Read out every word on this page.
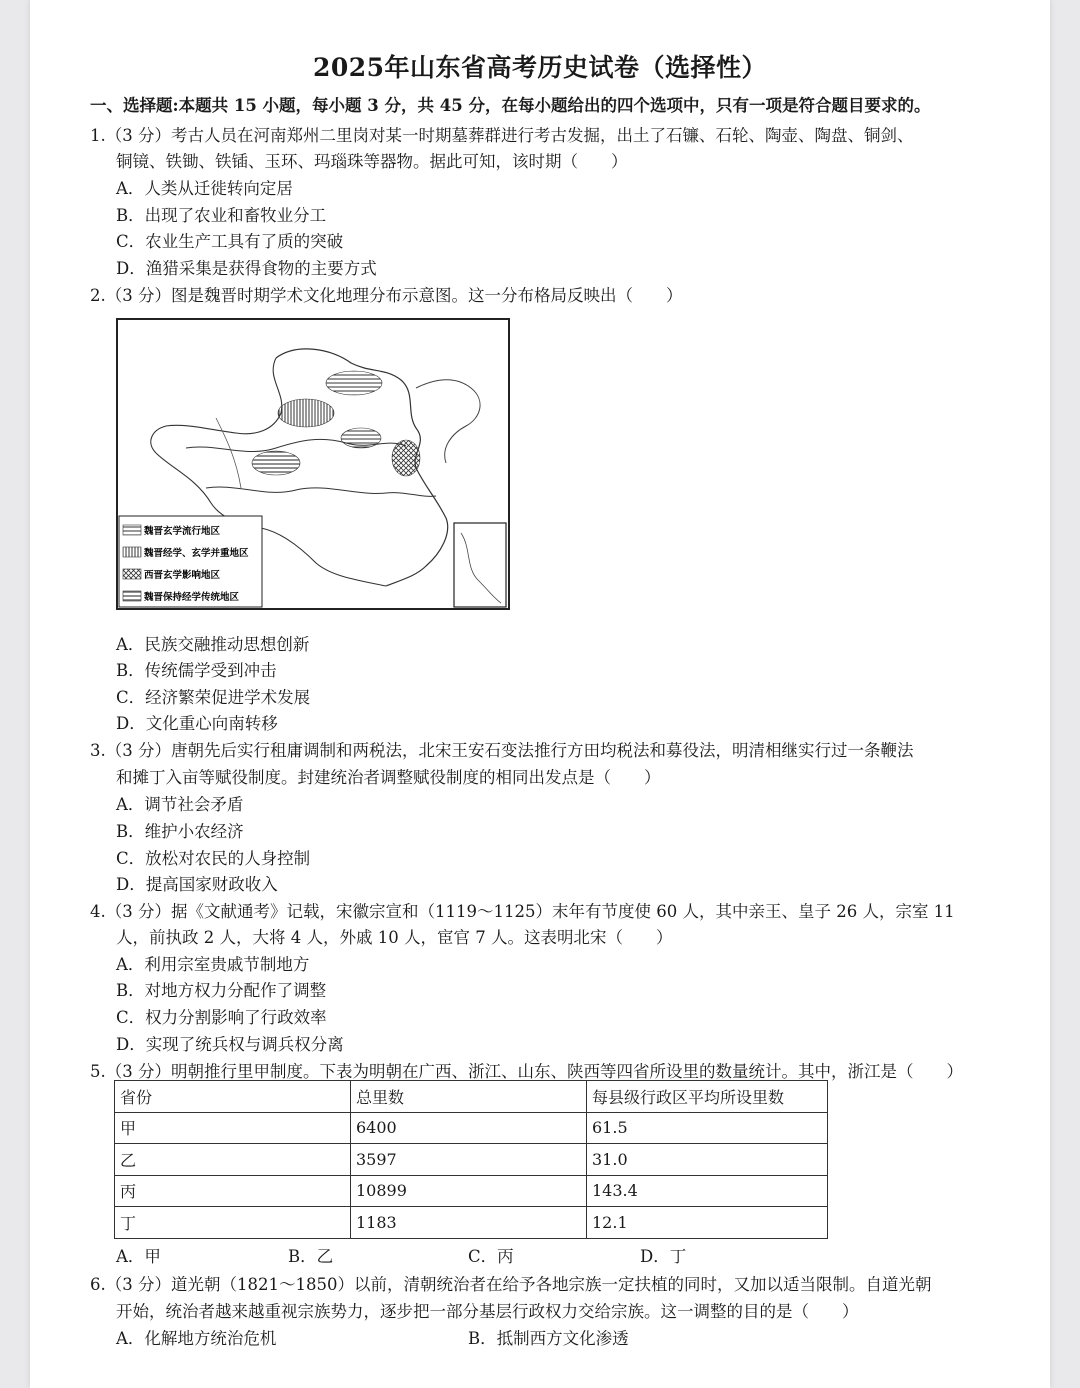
2025年山东省高考历史试卷（选择性）
一、选择题:本题共 15 小题，每小题 3 分，共 45 分，在每小题给出的四个选项中，只有一项是符合题目要求的。
1.（3 分）考古人员在河南郑州二里岗对某一时期墓葬群进行考古发掘，出土了石镰、石轮、陶壶、陶盘、铜剑、
铜镜、铁锄、铁锸、玉环、玛瑙珠等器物。据此可知，该时期（　　）
A．人类从迁徙转向定居
B．出现了农业和畜牧业分工
C．农业生产工具有了质的突破
D．渔猎采集是获得食物的主要方式
2.（3 分）图是魏晋时期学术文化地理分布示意图。这一分布格局反映出（　　）
魏晋玄学流行地区
魏晋经学、玄学并重地区
西晋玄学影响地区
魏晋保持经学传统地区
A．民族交融推动思想创新
B．传统儒学受到冲击
C．经济繁荣促进学术发展
D．文化重心向南转移
3.（3 分）唐朝先后实行租庸调制和两税法，北宋王安石变法推行方田均税法和募役法，明清相继实行过一条鞭法
和摊丁入亩等赋役制度。封建统治者调整赋役制度的相同出发点是（　　）
A．调节社会矛盾
B．维护小农经济
C．放松对农民的人身控制
D．提高国家财政收入
4.（3 分）据《文献通考》记载，宋徽宗宣和（1119～1125）末年有节度使 60 人，其中亲王、皇子 26 人，宗室 11
人，前执政 2 人，大将 4 人，外戚 10 人，宦官 7 人。这表明北宋（　　）
A．利用宗室贵戚节制地方
B．对地方权力分配作了调整
C．权力分割影响了行政效率
D．实现了统兵权与调兵权分离
5.（3 分）明朝推行里甲制度。下表为明朝在广西、浙江、山东、陕西等四省所设里的数量统计。其中，浙江是（　　）
省份	总里数	每县级行政区平均所设里数
甲	6400	61.5
乙	3597	31.0
丙	10899	143.4
丁	1183	12.1
A．甲	B．乙	C．丙	D．丁
6.（3 分）道光朝（1821～1850）以前，清朝统治者在给予各地宗族一定扶植的同时，又加以适当限制。自道光朝
开始，统治者越来越重视宗族势力，逐步把一部分基层行政权力交给宗族。这一调整的目的是（　　）
A．化解地方统治危机	B．抵制西方文化渗透
